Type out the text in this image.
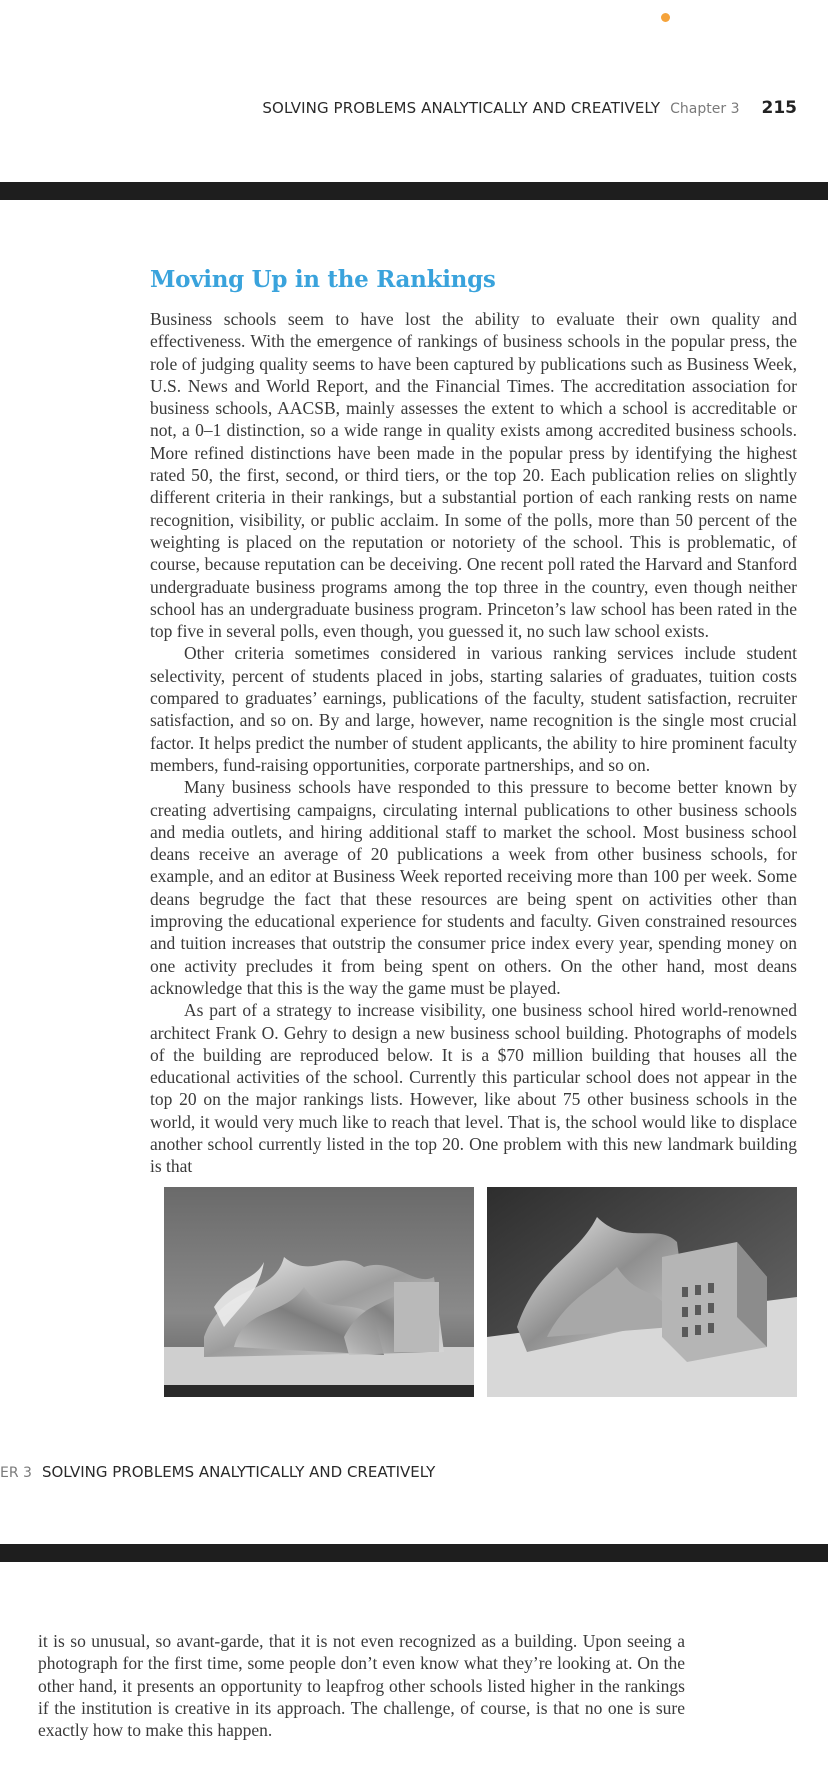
SOLVING PROBLEMS ANALYTICALLY AND CREATIVELY Chapter 3 215
Moving Up in the Rankings

Business schools seem to have lost the ability to evaluate their own quality and effectiveness. With the emergence of rankings of business schools in the popular press, the role of judging quality seems to have been captured by publications such as Business Week, U.S. News and World Report, and the Financial Times. The accreditation association for business schools, AACSB, mainly assesses the extent to which a school is accreditable or not, a 0–1 distinction, so a wide range in quality exists among accredited business schools. More refined distinctions have been made in the popular press by identifying the highest rated 50, the first, second, or third tiers, or the top 20. Each publication relies on slightly different criteria in their rankings, but a substantial portion of each ranking rests on name recognition, visibility, or public acclaim. In some of the polls, more than 50 percent of the weighting is placed on the reputation or notoriety of the school. This is problematic, of course, because reputation can be deceiving. One recent poll rated the Harvard and Stanford undergraduate business programs among the top three in the country, even though neither school has an undergraduate business program. Princeton’s law school has been rated in the top five in several polls, even though, you guessed it, no such law school exists.

Other criteria sometimes considered in various ranking services include student selectivity, percent of students placed in jobs, starting salaries of graduates, tuition costs compared to graduates’ earnings, publications of the faculty, student satisfaction, recruiter satisfaction, and so on. By and large, however, name recognition is the single most crucial factor. It helps predict the number of student applicants, the ability to hire prominent faculty members, fund-raising opportunities, corporate partnerships, and so on.

Many business schools have responded to this pressure to become better known by creating advertising campaigns, circulating internal publications to other business schools and media outlets, and hiring additional staff to market the school. Most business school deans receive an average of 20 publications a week from other business schools, for example, and an editor at Business Week reported receiving more than 100 per week. Some deans begrudge the fact that these resources are being spent on activities other than improving the educational experience for students and faculty. Given constrained resources and tuition increases that outstrip the consumer price index every year, spending money on one activity precludes it from being spent on others. On the other hand, most deans acknowledge that this is the way the game must be played.

As part of a strategy to increase visibility, one business school hired world-renowned architect Frank O. Gehry to design a new business school building. Photographs of models of the building are reproduced below. It is a $70 million building that houses all the educational activities of the school. Currently this particular school does not appear in the top 20 on the major rankings lists. However, like about 75 other business schools in the world, it would very much like to reach that level. That is, the school would like to displace another school currently listed in the top 20. One problem with this new landmark building is that

ER 3 SOLVING PROBLEMS ANALYTICALLY AND CREATIVELY

it is so unusual, so avant-garde, that it is not even recognized as a building. Upon seeing a photograph for the first time, some people don’t even know what they’re looking at. On the other hand, it presents an opportunity to leapfrog other schools listed higher in the rankings if the institution is creative in its approach. The challenge, of course, is that no one is sure exactly how to make this happen.
